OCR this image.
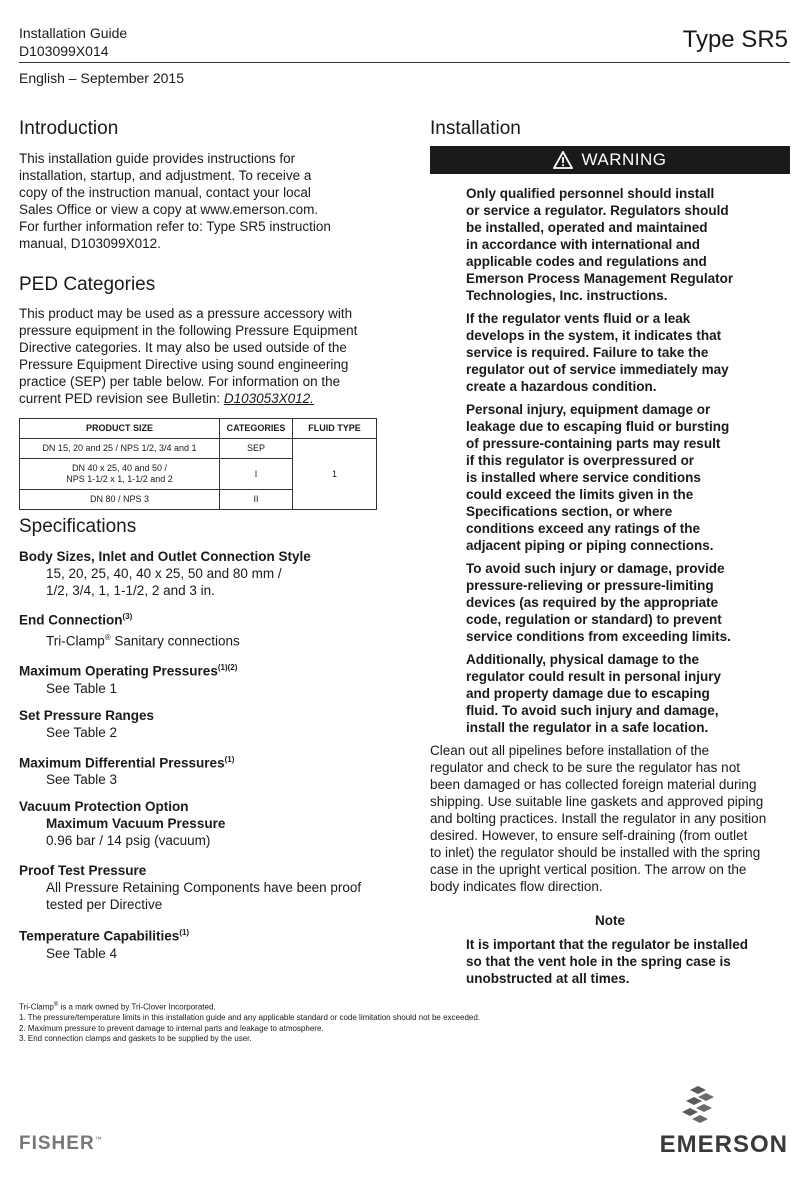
Installation Guide
D103099X014	Type SR5
English – September 2015
Introduction
This installation guide provides instructions for
installation, startup, and adjustment. To receive a
copy of the instruction manual, contact your local
Sales Office or view a copy at www.emerson.com.
For further information refer to: Type SR5 instruction
manual, D103099X012.
PED Categories
This product may be used as a pressure accessory with
pressure equipment in the following Pressure Equipment
Directive categories. It may also be used outside of the
Pressure Equipment Directive using sound engineering
practice (SEP) per table below. For information on the
current PED revision see Bulletin: D103053X012.
PRODUCT SIZE	CATEGORIES	FLUID TYPE
DN 15, 20 and 25 / NPS 1/2, 3/4 and 1	SEP	1

DN 40 x 25, 40 and 50 /
NPS 1-1/2 x 1, 1-1/2 and 2	I	
DN 80 / NPS 3	II	
Specifications
Body Sizes, Inlet and Outlet Connection Style
15, 20, 25, 40, 40 x 25, 50 and 80 mm /
1/2, 3/4, 1, 1-1/2, 2 and 3 in.
End Connection$^{(3)}$
Tri-Clamp® Sanitary connections
Maximum Operating Pressures$^{(1)(2)}$
See Table 1
Set Pressure Ranges
See Table 2
Maximum Differential Pressures$^{(1)}$
See Table 3
Vacuum Protection Option
Maximum Vacuum Pressure
0.96 bar / 14 psig (vacuum)
Proof Test Pressure
All Pressure Retaining Components have been proof
tested per Directive
Temperature Capabilities$^{(1)}$
See Table 4
Installation
WARNING
Only qualified personnel should install
or service a regulator. Regulators should
be installed, operated and maintained
in accordance with international and
applicable codes and regulations and
Emerson Process Management Regulator
Technologies, Inc. instructions.
If the regulator vents fluid or a leak
develops in the system, it indicates that
service is required. Failure to take the
regulator out of service immediately may
create a hazardous condition.
Personal injury, equipment damage or
leakage due to escaping fluid or bursting
of pressure-containing parts may result
if this regulator is overpressured or
is installed where service conditions
could exceed the limits given in the
Specifications section, or where
conditions exceed any ratings of the
adjacent piping or piping connections.
To avoid such injury or damage, provide
pressure-relieving or pressure-limiting
devices (as required by the appropriate
code, regulation or standard) to prevent
service conditions from exceeding limits.
Additionally, physical damage to the
regulator could result in personal injury
and property damage due to escaping
fluid. To avoid such injury and damage,
install the regulator in a safe location.
Clean out all pipelines before installation of the
regulator and check to be sure the regulator has not
been damaged or has collected foreign material during
shipping. Use suitable line gaskets and approved piping
and bolting practices. Install the regulator in any position
desired. However, to ensure self-draining (from outlet
to inlet) the regulator should be installed with the spring
case in the upright vertical position. The arrow on the
body indicates flow direction.
Note
It is important that the regulator be installed
so that the vent hole in the spring case is
unobstructed at all times.
Tri-Clamp® is a mark owned by Tri-Clover Incorporated.
1. The pressure/temperature limits in this installation guide and any applicable standard or code limitation should not be exceeded.
2. Maximum pressure to prevent damage to internal parts and leakage to atmosphere.
3. End connection clamps and gaskets to be supplied by the user.
FISHER™	EMERSON
